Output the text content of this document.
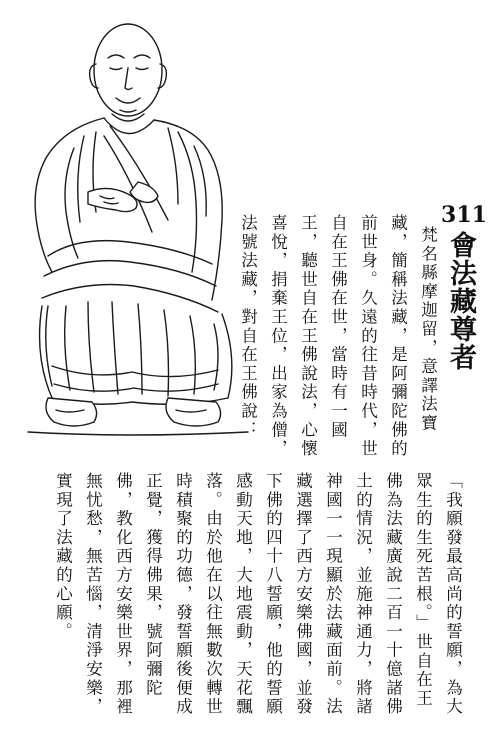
311
會法藏尊者
梵名縣摩迦留，意譯法寶
藏，簡稱法藏，是阿彌陀佛的
前世身。久遠的往昔時代，世
自在王佛在世，當時有一國
王，聽世自在王佛說法，心懷
喜悅，捐棄王位，出家為僧，
法號法藏，對自在王佛說：
「我願發最高尚的誓願，為大
眾生的生死苦根。」世自在王
佛為法藏廣說二百一十億諸佛
土的情況，並施神通力，將諸
神國一一現顯於法藏面前。法
藏選擇了西方安樂佛國，並發
下佛的四十八誓願，他的誓願
感動天地，大地震動，天花飄
落。由於他在以往無數次轉世
時積聚的功德，發誓願後便成
正覺，獲得佛果，號阿彌陀
佛，教化西方安樂世界，那裡
無忧愁，無苦惱，清淨安樂，
實現了法藏的心願。
